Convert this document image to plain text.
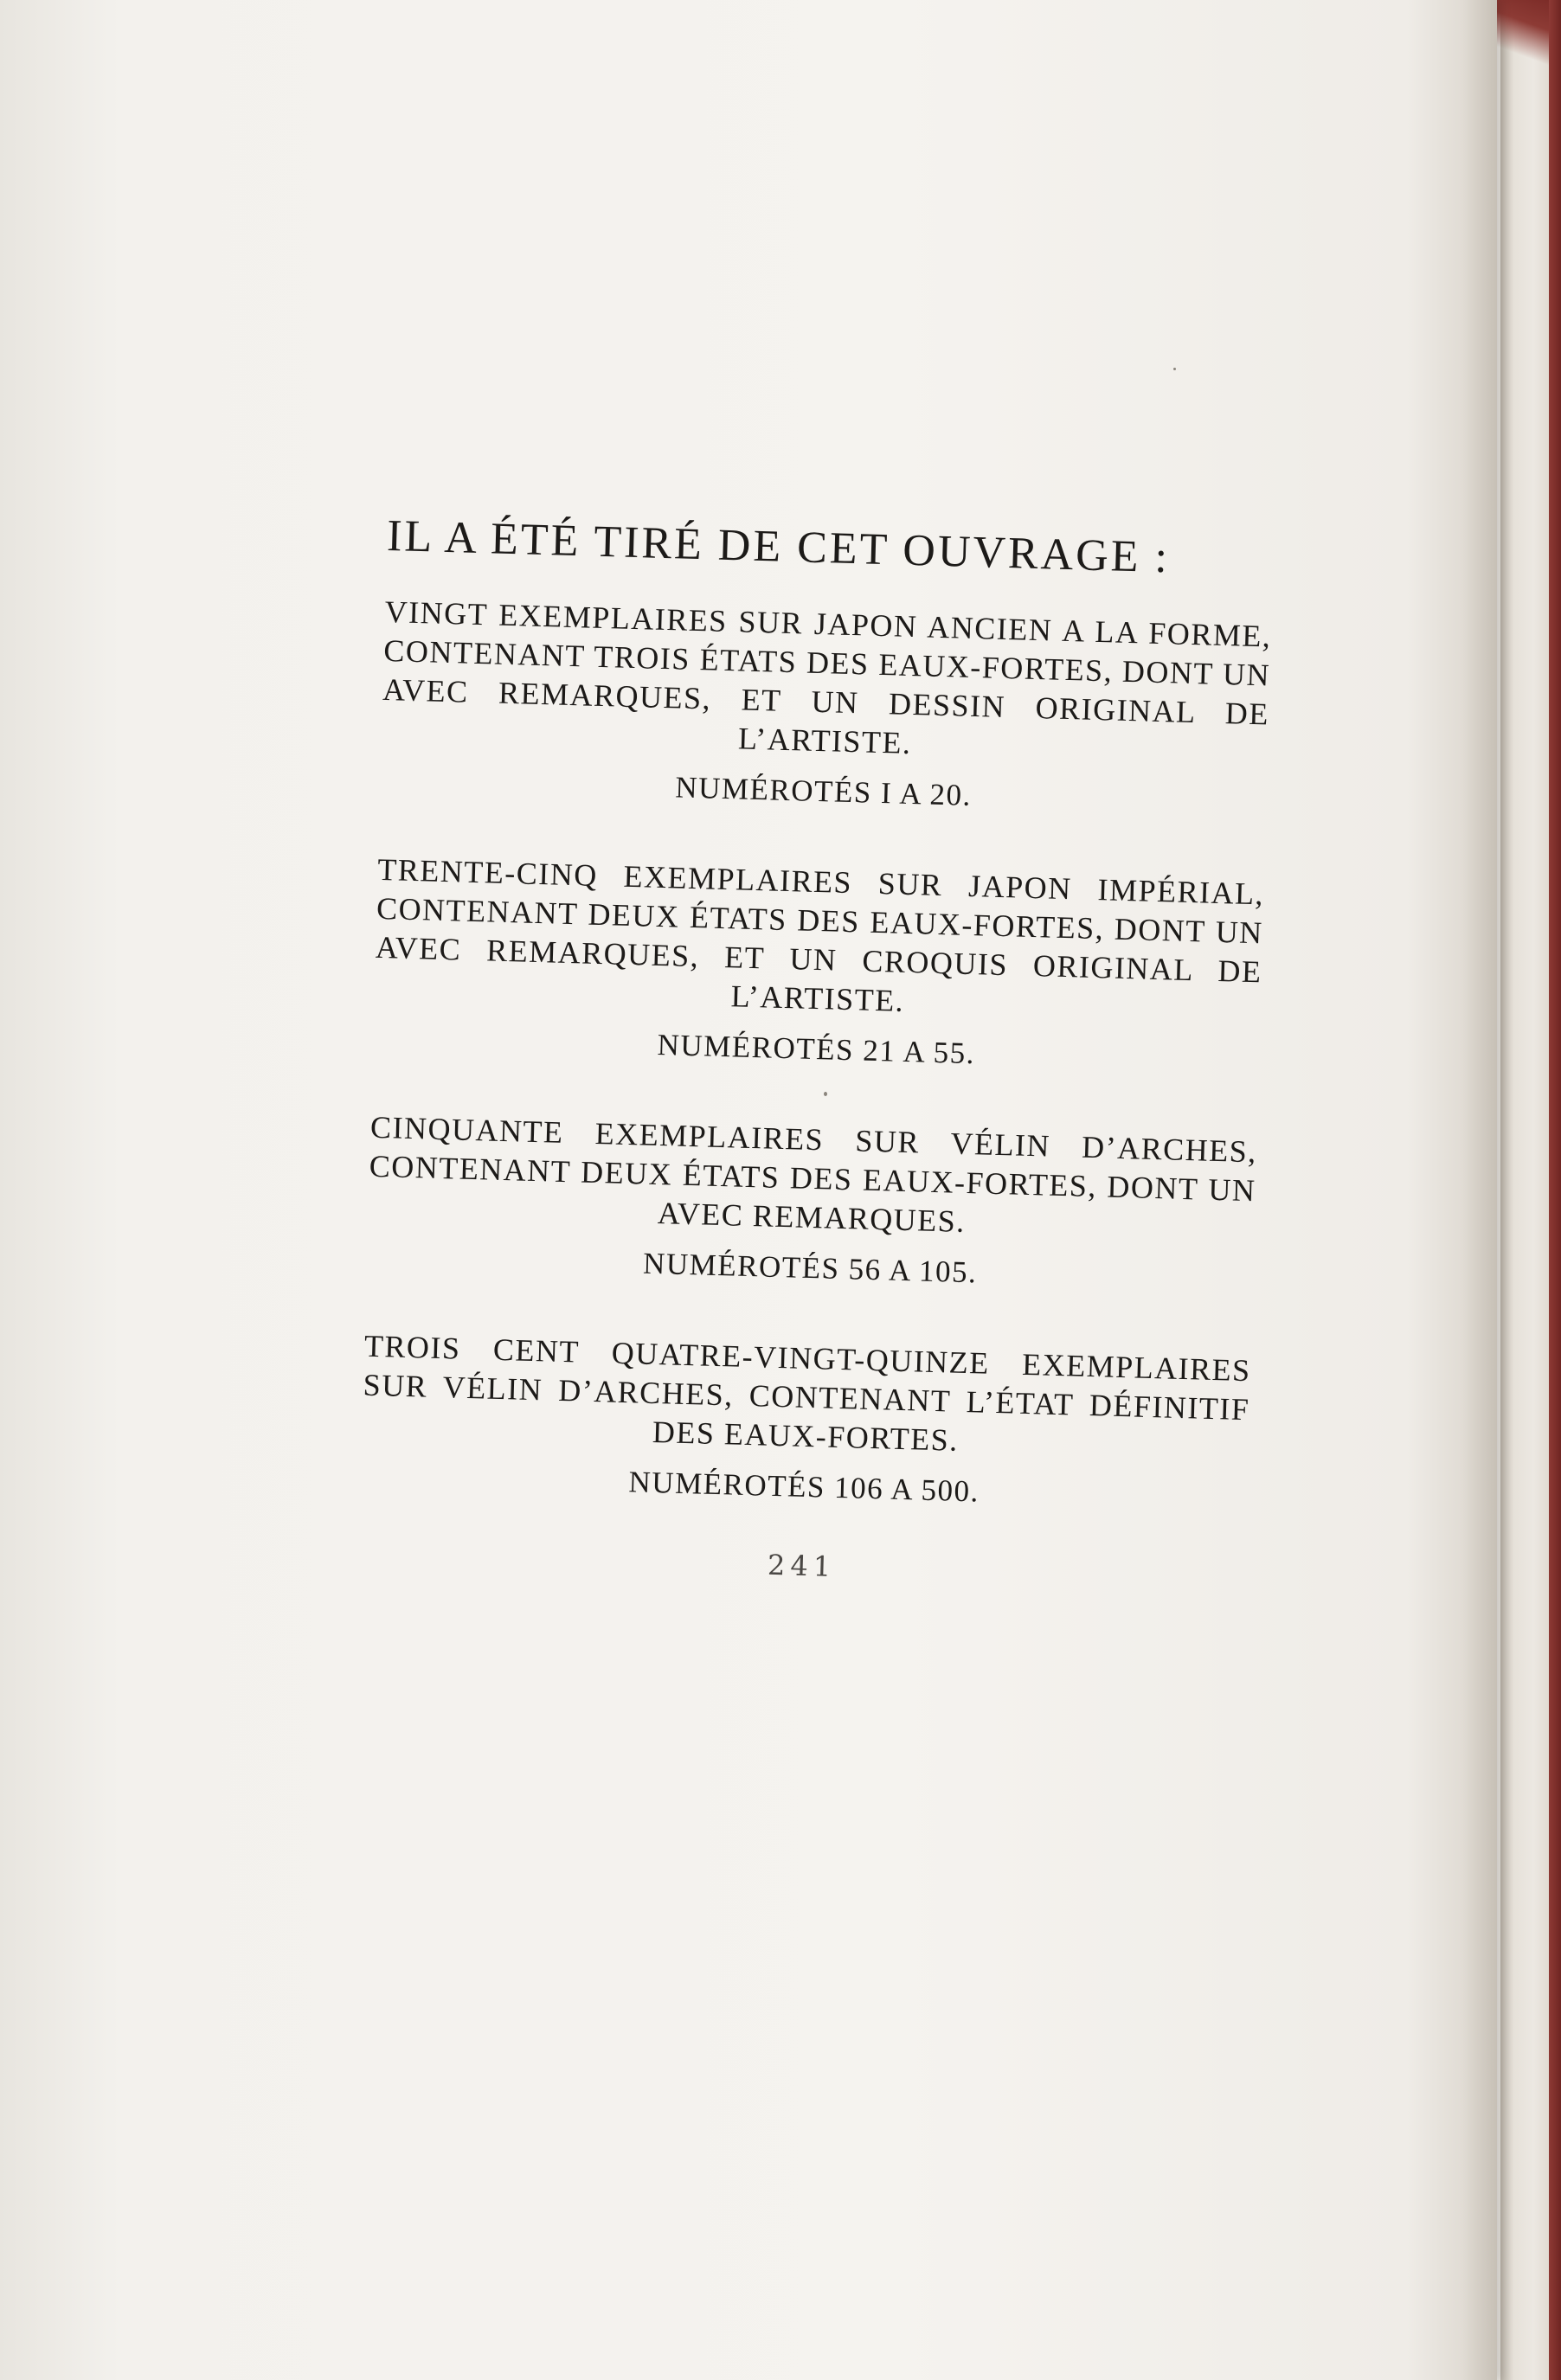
IL A ÉTÉ TIRÉ DE CET OUVRAGE :

VINGT EXEMPLAIRES SUR JAPON ANCIEN A LA FORME, CONTENANT TROIS ÉTATS DES EAUX-FORTES, DONT UN AVEC REMARQUES, ET UN DESSIN ORIGINAL DE L’ARTISTE.

NUMÉROTÉS I A 20.

TRENTE-CINQ EXEMPLAIRES SUR JAPON IMPÉRIAL, CONTENANT DEUX ÉTATS DES EAUX-FORTES, DONT UN AVEC REMARQUES, ET UN CROQUIS ORIGINAL DE L’ARTISTE.

NUMÉROTÉS 21 A 55.

CINQUANTE EXEMPLAIRES SUR VÉLIN D’ARCHES, CONTENANT DEUX ÉTATS DES EAUX-FORTES, DONT UN AVEC REMARQUES.

NUMÉROTÉS 56 A 105.

TROIS CENT QUATRE-VINGT-QUINZE EXEMPLAIRES SUR VÉLIN D’ARCHES, CONTENANT L’ÉTAT DÉFINITIF DES EAUX-FORTES.

NUMÉROTÉS 106 A 500.

241
